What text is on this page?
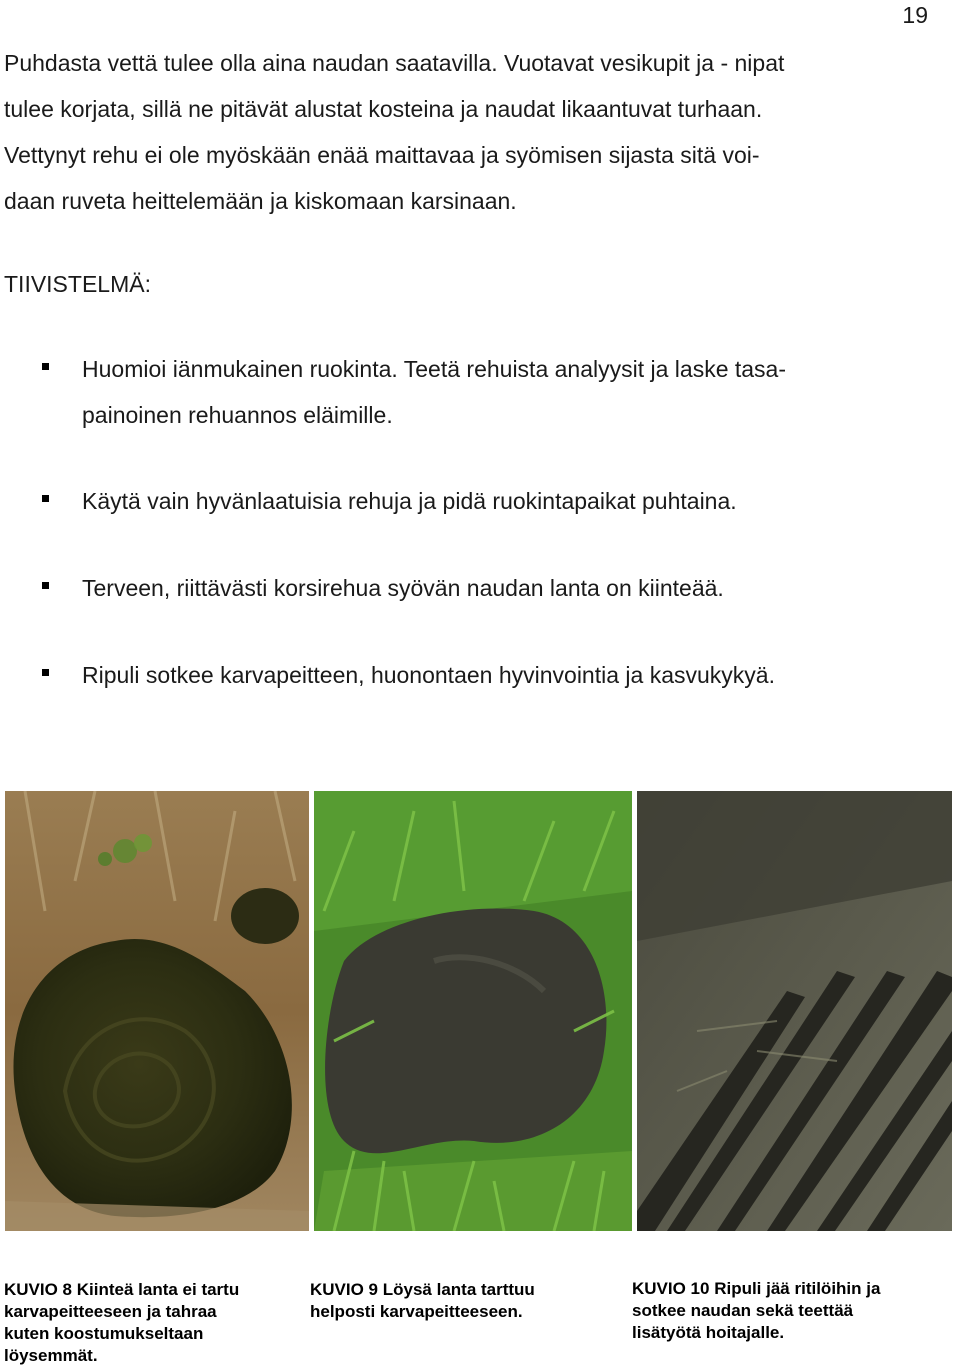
19
Puhdasta vettä tulee olla aina naudan saatavilla. Vuotavat vesikupit ja - nipat
tulee korjata, sillä ne pitävät alustat kosteina ja naudat likaantuvat turhaan.
Vettynyt rehu ei ole myöskään enää maittavaa ja syömisen sijasta sitä voi-
daan ruveta heittelemään ja kiskomaan karsinaan.
TIIVISTELMÄ:
Huomioi iänmukainen ruokinta. Teetä rehuista analyysit ja laske tasa-
painoinen rehuannos eläimille.
Käytä vain hyvänlaatuisia rehuja ja pidä ruokintapaikat puhtaina.
Terveen, riittävästi korsirehua syövän naudan lanta on kiinteää.
Ripuli sotkee karvapeitteen, huonontaen hyvinvointia ja kasvukykyä.
KUVIO 8 Kiinteä lanta ei tartu
karvapeitteeseen ja tahraa
kuten koostumukseltaan
löysemmät.
KUVIO 9 Löysä lanta tarttuu
helposti karvapeitteeseen.
KUVIO 10 Ripuli jää ritilöihin ja
sotkee naudan sekä teettää
lisätyötä hoitajalle.
